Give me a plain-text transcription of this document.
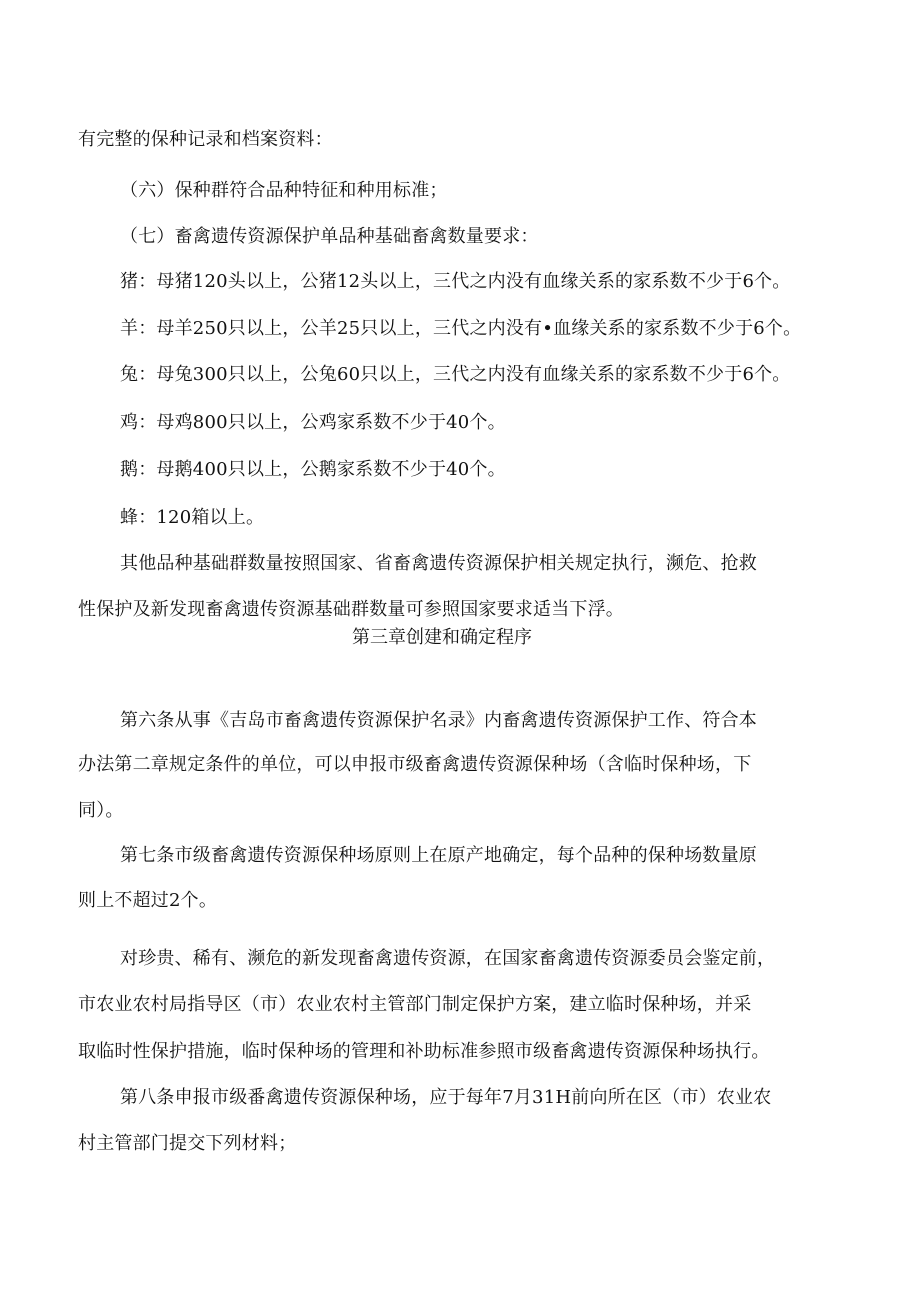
有完整的保种记录和档案资料：
（六）保种群符合品种特征和种用标准；
（七）畜禽遗传资源保护单品种基础畜禽数量要求：
猪：母猪120头以上，公猪12头以上，三代之内没有血缘关系的家系数不少于6个。
羊：母羊250只以上，公羊25只以上，三代之内没有•血缘关系的家系数不少于6个。
兔：母兔300只以上，公兔60只以上，三代之内没有血缘关系的家系数不少于6个。
鸡：母鸡800只以上，公鸡家系数不少于40个。
鹅：母鹅400只以上，公鹅家系数不少于40个。
蜂：120箱以上。
其他品种基础群数量按照国家、省畜禽遗传资源保护相关规定执行，濒危、抢救
性保护及新发现畜禽遗传资源基础群数量可参照国家要求适当下浮。
第三章创建和确定程序
第六条从事《吉岛市畜禽遗传资源保护名录》内畜禽遗传资源保护工作、符合本
办法第二章规定条件的单位，可以申报市级畜禽遗传资源保种场（含临时保种场，下
同）。
第七条市级畜禽遗传资源保种场原则上在原产地确定，每个品种的保种场数量原
则上不超过2个。
对珍贵、稀有、濒危的新发现畜禽遗传资源，在国家畜禽遗传资源委员会鉴定前，
市农业农村局指导区（市）农业农村主管部门制定保护方案，建立临时保种场，并采
取临时性保护措施，临时保种场的管理和补助标准参照市级畜禽遗传资源保种场执行。
第八条申报市级番禽遗传资源保种场，应于每年7月31H前向所在区（市）农业农
村主管部门提交下列材料；
